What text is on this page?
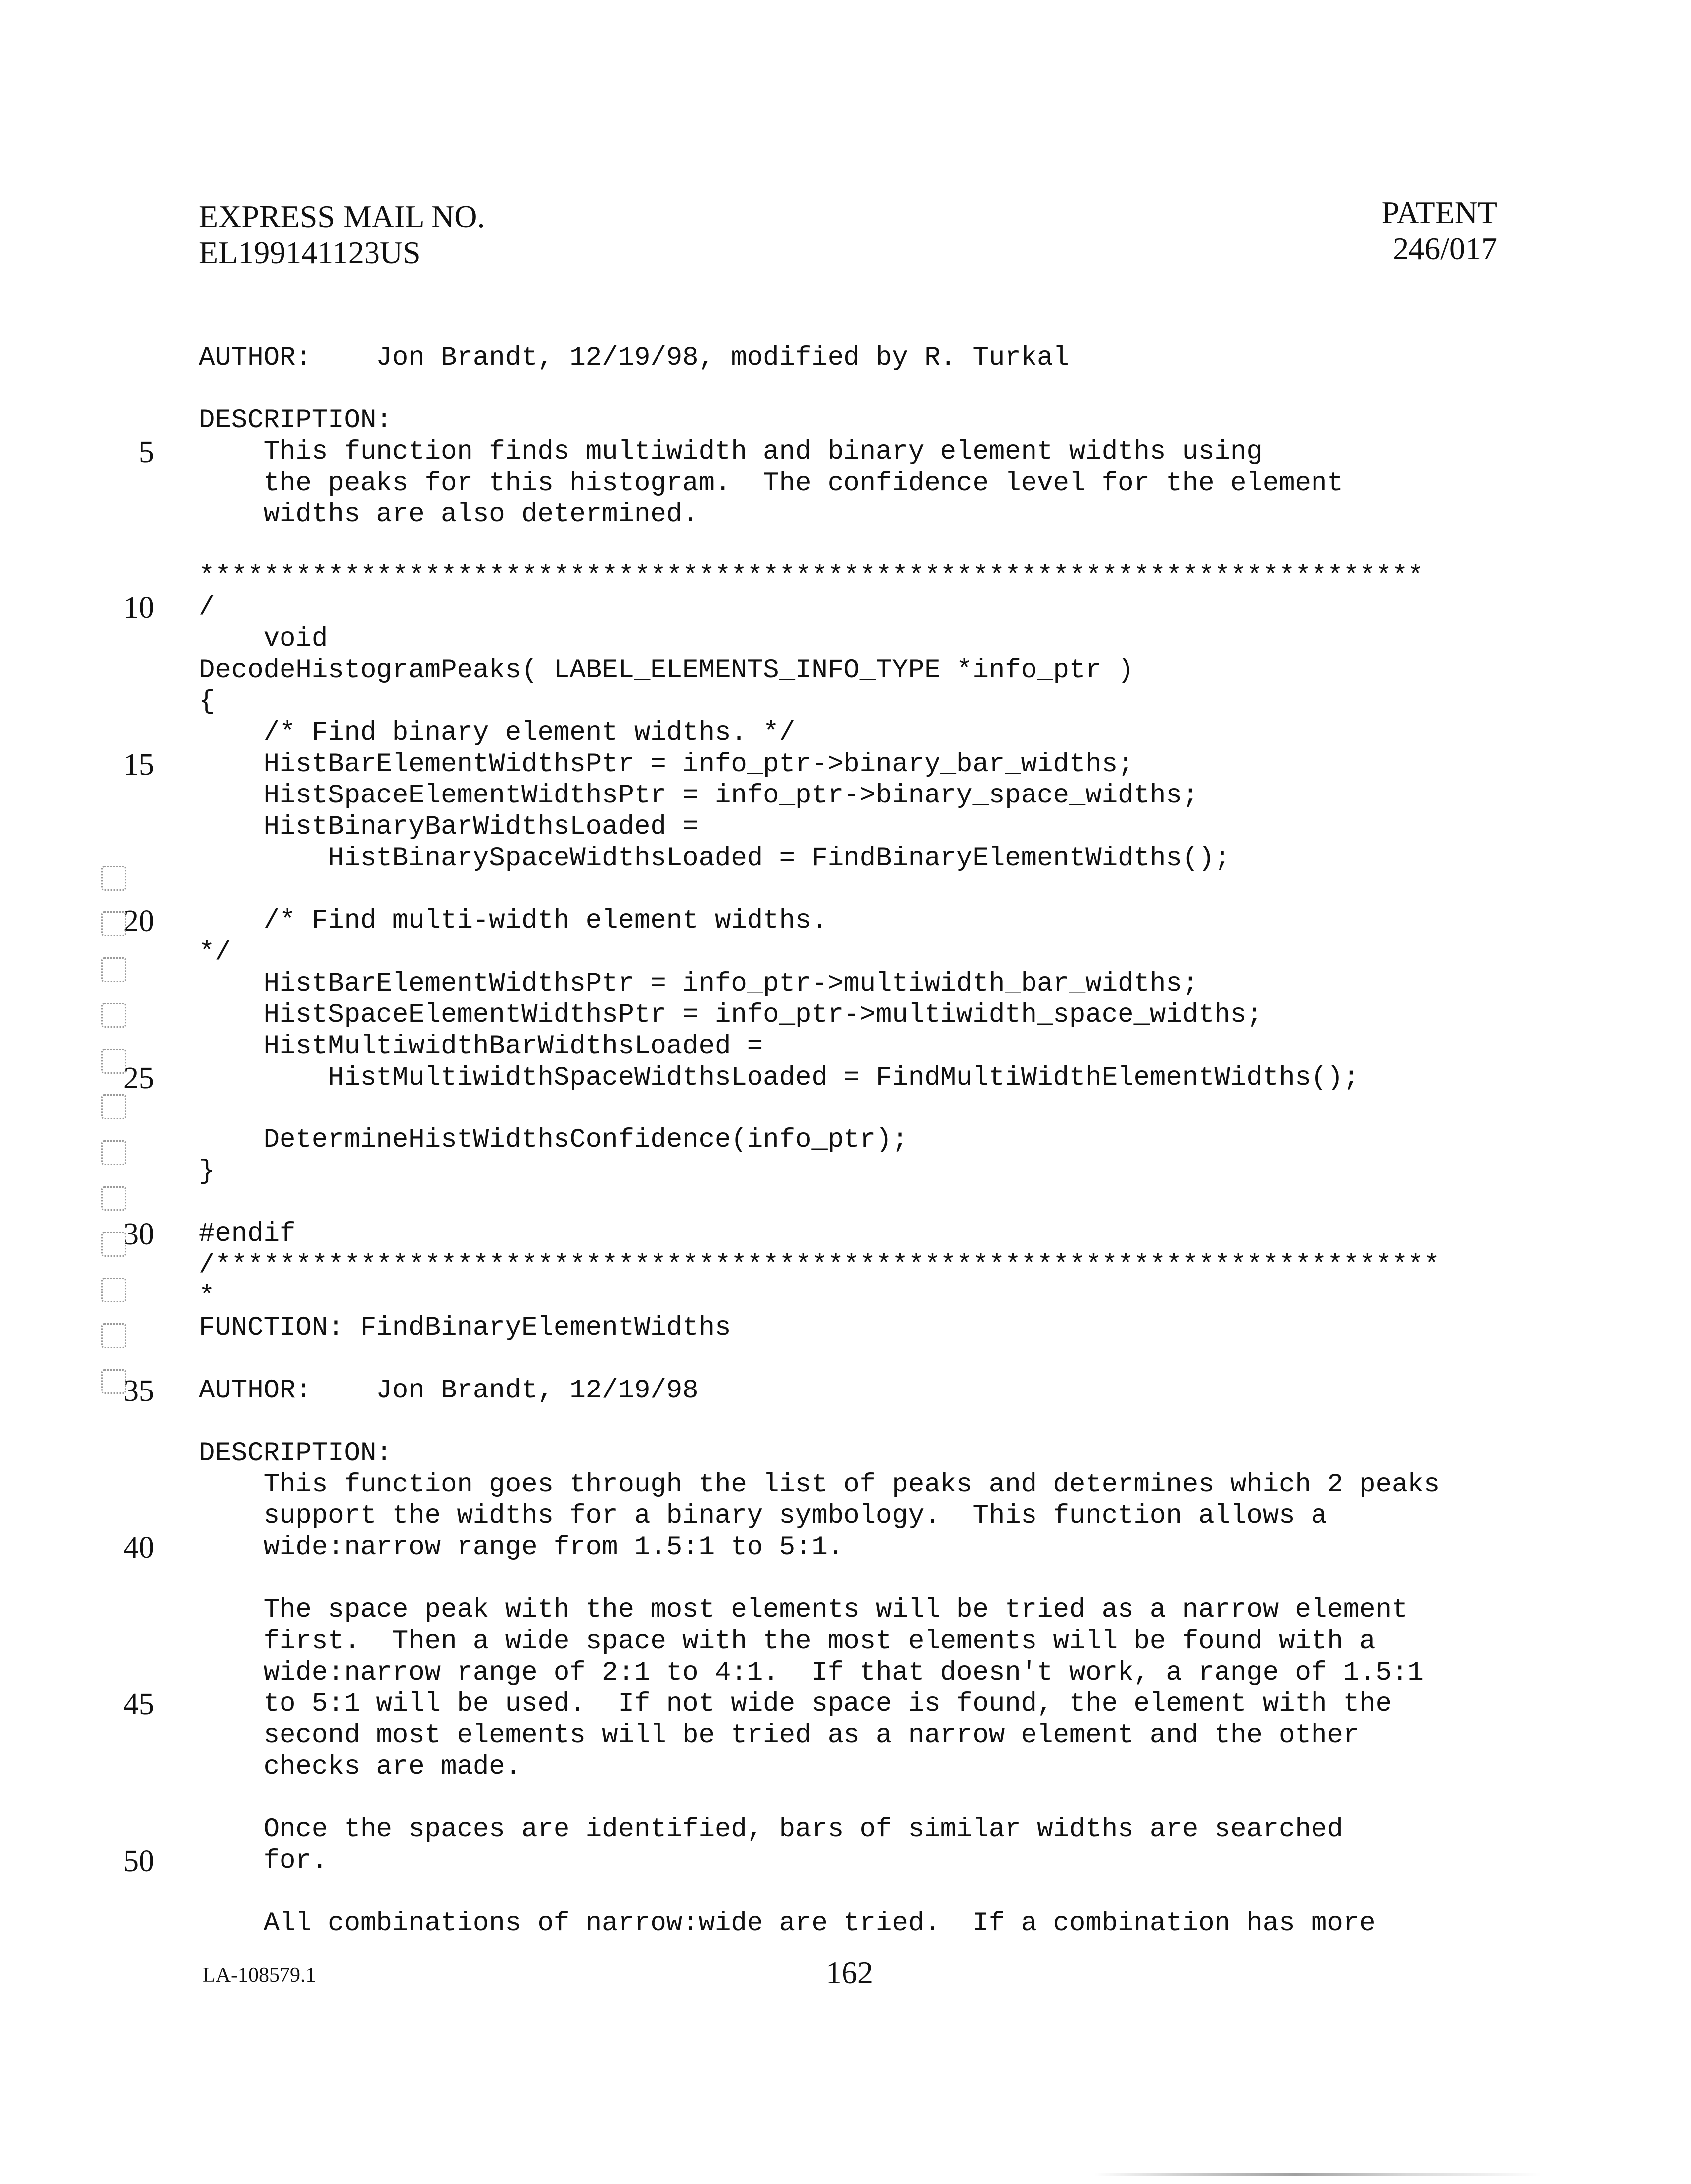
EXPRESS MAIL NO.
EL199141123US
PATENT
246/017
AUTHOR:    Jon Brandt, 12/19/98, modified by R. Turkal
DESCRIPTION:
This function finds multiwidth and binary element widths using
the peaks for this histogram.  The confidence level for the element
widths are also determined.
****************************************************************************
/
void
DecodeHistogramPeaks( LABEL_ELEMENTS_INFO_TYPE *info_ptr )
{
/* Find binary element widths. */
HistBarElementWidthsPtr = info_ptr->binary_bar_widths;
HistSpaceElementWidthsPtr = info_ptr->binary_space_widths;
HistBinaryBarWidthsLoaded =
HistBinarySpaceWidthsLoaded = FindBinaryElementWidths();
/* Find multi-width element widths.
*/
HistBarElementWidthsPtr = info_ptr->multiwidth_bar_widths;
HistSpaceElementWidthsPtr = info_ptr->multiwidth_space_widths;
HistMultiwidthBarWidthsLoaded =
HistMultiwidthSpaceWidthsLoaded = FindMultiWidthElementWidths();
DetermineHistWidthsConfidence(info_ptr);
}
#endif
/****************************************************************************
*
FUNCTION: FindBinaryElementWidths
AUTHOR:    Jon Brandt, 12/19/98
DESCRIPTION:
This function goes through the list of peaks and determines which 2 peaks
support the widths for a binary symbology.  This function allows a
wide:narrow range from 1.5:1 to 5:1.
The space peak with the most elements will be tried as a narrow element
first.  Then a wide space with the most elements will be found with a
wide:narrow range of 2:1 to 4:1.  If that doesn't work, a range of 1.5:1
to 5:1 will be used.  If not wide space is found, the element with the
second most elements will be tried as a narrow element and the other
checks are made.
Once the spaces are identified, bars of similar widths are searched
for.
All combinations of narrow:wide are tried.  If a combination has more
5
10
15
20
25
30
35
40
45
50
LA-108579.1	162
